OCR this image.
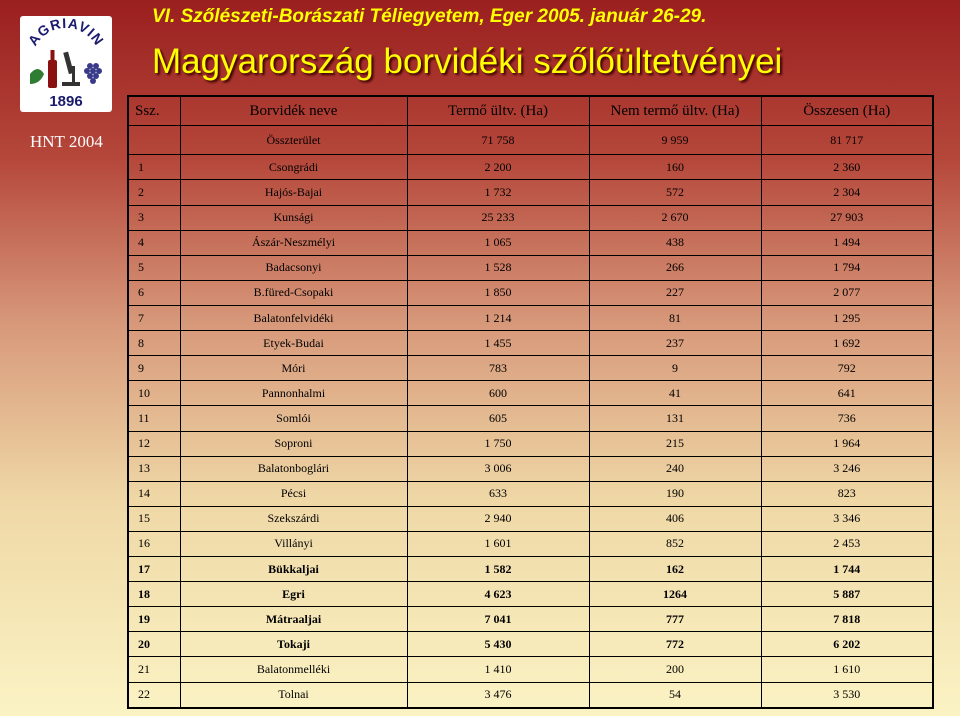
VI. Szőlészeti-Borászati Téliegyetem, Eger 2005. január 26-29.
Magyarország borvidéki szőlőültetvényei
AGRIAVIN
1896

HNT 2004

Ssz.	Borvidék neve	Termő ültv. (Ha)	Nem termő ültv. (Ha)	Összesen (Ha)
	Összterület	71 758	9 959	81 717
1	Csongrádi	2 200	160	2 360
2	Hajós-Bajai	1 732	572	2 304
3	Kunsági	25 233	2 670	27 903
4	Ászár-Neszmélyi	1 065	438	1 494
5	Badacsonyi	1 528	266	1 794
6	B.füred-Csopaki	1 850	227	2 077
7	Balatonfelvidéki	1 214	81	1 295
8	Etyek-Budai	1 455	237	1 692
9	Móri	783	9	792
10	Pannonhalmi	600	41	641
11	Somlói	605	131	736
12	Soproni	1 750	215	1 964
13	Balatonboglári	3 006	240	3 246
14	Pécsi	633	190	823
15	Szekszárdi	2 940	406	3 346
16	Villányi	1 601	852	2 453
17	Bükkaljai	1 582	162	1 744
18	Egri	4 623	1264	5 887
19	Mátraaljai	7 041	777	7 818
20	Tokaji	5 430	772	6 202
21	Balatonmelléki	1 410	200	1 610
22	Tolnai	3 476	54	3 530
